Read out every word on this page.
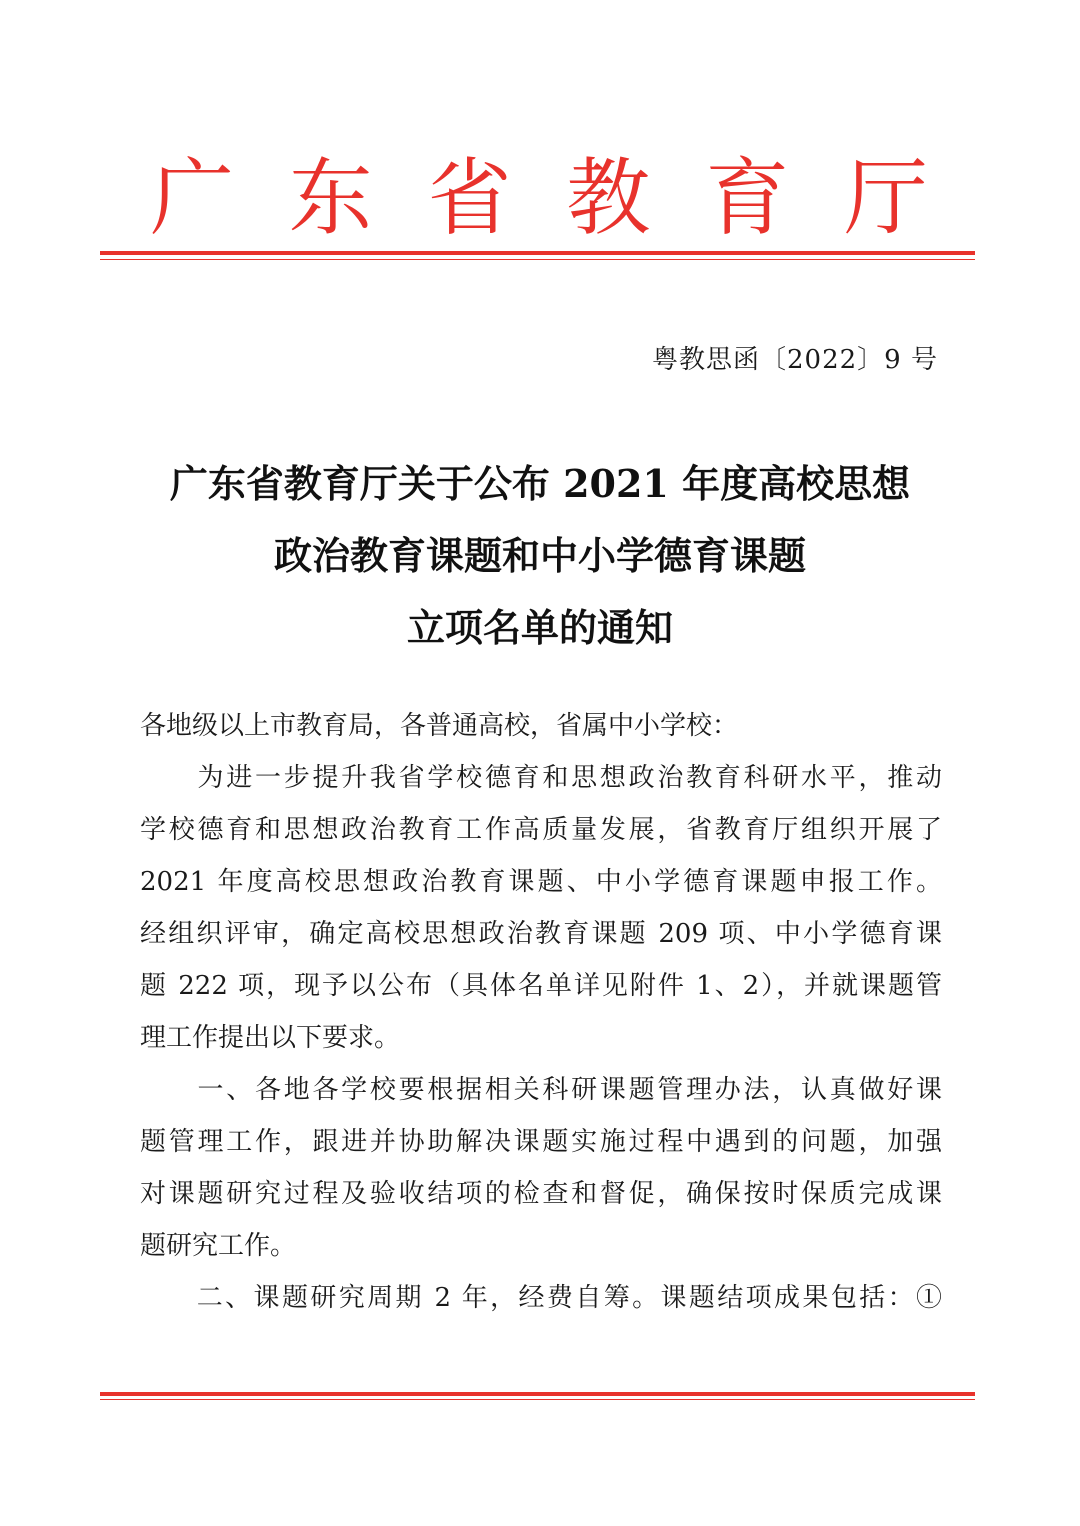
广 东 省 教 育 厅
粤教思函〔2022〕9 号
广东省教育厅关于公布 2021 年度高校思想
政治教育课题和中小学德育课题
立项名单的通知
各地级以上市教育局，各普通高校，省属中小学校：
　　为进一步提升我省学校德育和思想政治教育科研水平，推动
学校德育和思想政治教育工作高质量发展，省教育厅组织开展了
2021 年度高校思想政治教育课题、中小学德育课题申报工作。
经组织评审，确定高校思想政治教育课题 209 项、中小学德育课
题 222 项，现予以公布（具体名单详见附件 1、2），并就课题管
理工作提出以下要求。
　　一、各地各学校要根据相关科研课题管理办法，认真做好课
题管理工作，跟进并协助解决课题实施过程中遇到的问题，加强
对课题研究过程及验收结项的检查和督促，确保按时保质完成课
题研究工作。
　　二、课题研究周期 2 年，经费自筹。课题结项成果包括：①
